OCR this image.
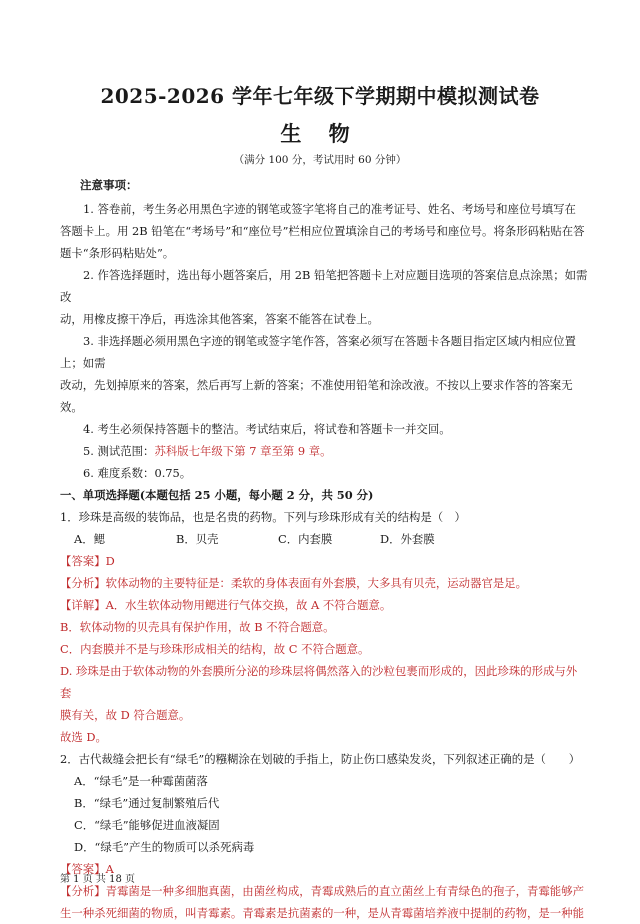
2025-2026 学年七年级下学期期中模拟测试卷
生 物
（满分 100 分，考试用时 60 分钟）
注意事项：

1. 答卷前，考生务必用黑色字迹的钢笔或签字笔将自己的准考证号、姓名、考场号和座位号填写在

答题卡上。用 2B 铅笔在“考场号”和“座位号”栏相应位置填涂自己的考场号和座位号。将条形码粘贴在答

题卡“条形码粘贴处”。

2. 作答选择题时，选出每小题答案后，用 2B 铅笔把答题卡上对应题目选项的答案信息点涂黑；如需改

动，用橡皮擦干净后，再选涂其他答案，答案不能答在试卷上。

3. 非选择题必须用黑色字迹的钢笔或签字笔作答，答案必须写在答题卡各题目指定区域内相应位置上；如需

改动，先划掉原来的答案，然后再写上新的答案；不准使用铅笔和涂改液。不按以上要求作答的答案无效。

4. 考生必须保持答题卡的整洁。考试结束后，将试卷和答题卡一并交回。

5. 测试范围：苏科版七年级下第 7 章至第 9 章。

6. 难度系数：0.75。

一、单项选择题(本题包括 25 小题，每小题 2 分，共 50 分)

1．珍珠是高级的装饰品，也是名贵的药物。下列与珍珠形成有关的结构是（　）

A．鳃	B．贝壳	C．内套膜	D．外套膜

【答案】D

【分析】软体动物的主要特征是：柔软的身体表面有外套膜，大多具有贝壳，运动器官是足。

【详解】A．水生软体动物用鳃进行气体交换，故 A 不符合题意。

B．软体动物的贝壳具有保护作用，故 B 不符合题意。

C．内套膜并不是与珍珠形成相关的结构，故 C 不符合题意。

D. 珍珠是由于软体动物的外套膜所分泌的珍珠层将偶然落入的沙粒包裹而形成的，因此珍珠的形成与外套

膜有关，故 D 符合题意。

故选 D。

2．古代裁缝会把长有“绿毛”的糨糊涂在划破的手指上，防止伤口感染发炎，下列叙述正确的是（　　）

A．“绿毛”是一种霉菌菌落

B．“绿毛”通过复制繁殖后代

C．“绿毛”能够促进血液凝固

D．“绿毛”产生的物质可以杀死病毒

【答案】A

【分析】青霉菌是一种多细胞真菌，由菌丝构成，青霉成熟后的直立菌丝上有青绿色的孢子，青霉能够产

生一种杀死细菌的物质，叫青霉素。青霉素是抗菌素的一种，是从青霉菌培养液中提制的药物，是一种能

第 1 页 共 18 页
